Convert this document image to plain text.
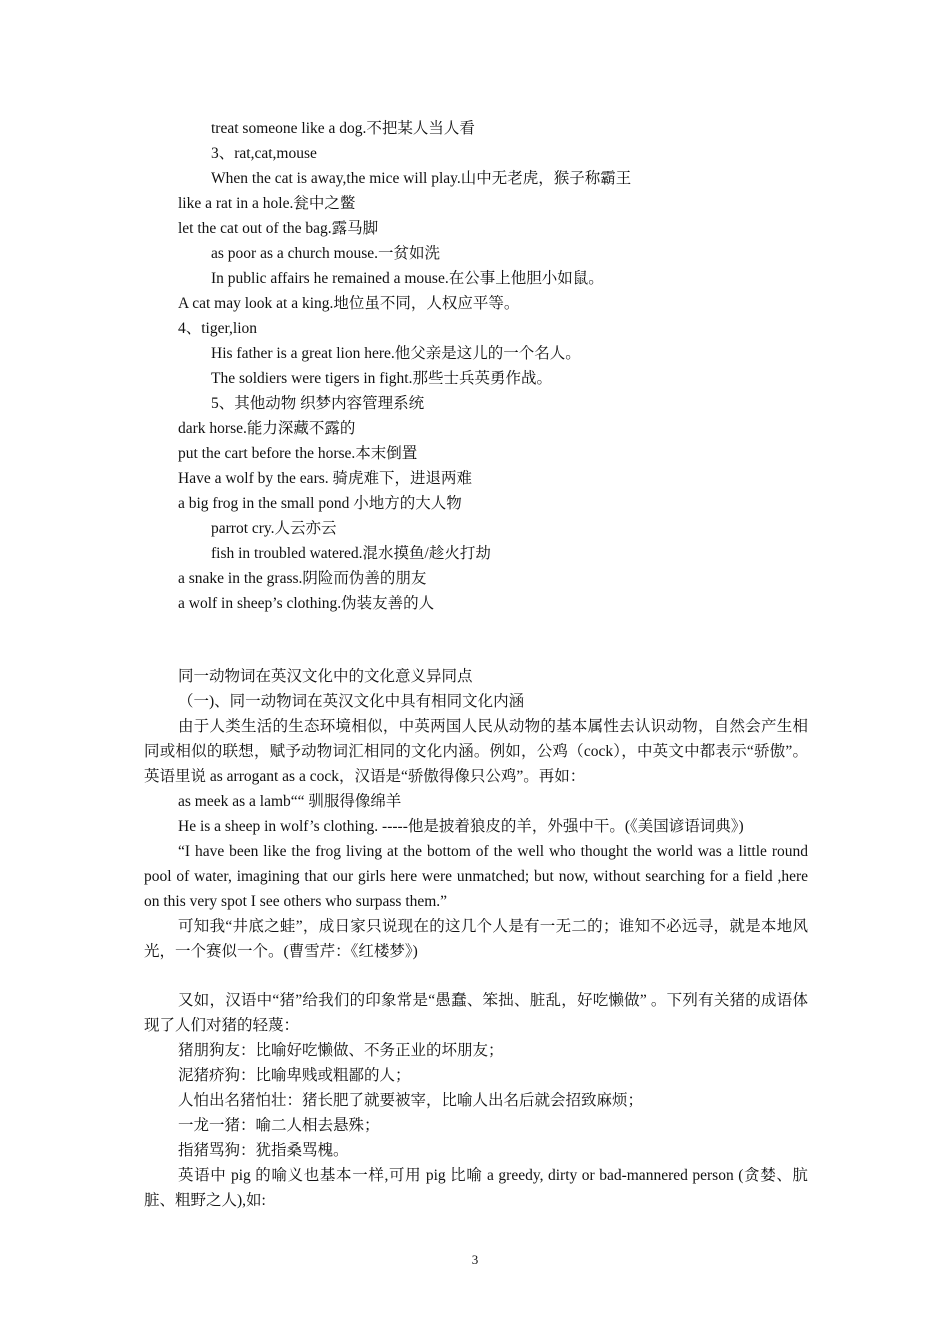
treat someone like a dog.不把某人当人看
3、rat,cat,mouse
When the cat is away,the mice will play.山中无老虎，猴子称霸王
like a rat in a hole.瓮中之鳖
let the cat out of the bag.露马脚
as poor as a church mouse.一贫如洗
In public affairs he remained a mouse.在公事上他胆小如鼠。
A cat may look at a king.地位虽不同，人权应平等。
4、tiger,lion
His father is a great lion here.他父亲是这儿的一个名人。
The soldiers were tigers in fight.那些士兵英勇作战。
5、其他动物 织梦内容管理系统
dark horse.能力深藏不露的
put the cart before the horse.本末倒置
Have a wolf by the ears. 骑虎难下，进退两难
a big frog in the small pond 小地方的大人物
parrot cry.人云亦云
fish in troubled watered.混水摸鱼/趁火打劫
a snake in the grass.阴险而伪善的朋友
a wolf in sheep’s clothing.伪装友善的人
同一动物词在英汉文化中的文化意义异同点
（一)、同一动物词在英汉文化中具有相同文化内涵
由于人类生活的生态环境相似，中英两国人民从动物的基本属性去认识动物，自然会产生相同或相似的联想，赋予动物词汇相同的文化内涵。例如，公鸡（cock），中英文中都表示“骄傲”。英语里说 as arrogant as a cock，汉语是“骄傲得像只公鸡”。再如：
as meek as a lamb““ 驯服得像绵羊
He is a sheep in wolf’s clothing. -----他是披着狼皮的羊，外强中干。(《美国谚语词典》)
“I have been like the frog living at the bottom of the well who thought the world was a little round pool of water, imagining that our girls here were unmatched; but now, without searching for a field ,here on this very spot I see others who surpass them.”
可知我“井底之蛙”，成日家只说现在的这几个人是有一无二的；谁知不必远寻，就是本地风光，一个赛似一个。(曹雪芹：《红楼梦》)
又如，汉语中“猪”给我们的印象常是“愚蠢、笨拙、脏乱，好吃懒做” 。下列有关猪的成语体现了人们对猪的轻蔑：
猪朋狗友：比喻好吃懒做、不务正业的坏朋友；
泥猪疥狗：比喻卑贱或粗鄙的人；
人怕出名猪怕壮：猪长肥了就要被宰，比喻人出名后就会招致麻烦；
一龙一猪：喻二人相去悬殊；
指猪骂狗：犹指桑骂槐。
英语中 pig 的喻义也基本一样,可用 pig 比喻 a greedy, dirty or bad-mannered person (贪婪、肮脏、粗野之人),如:
3
